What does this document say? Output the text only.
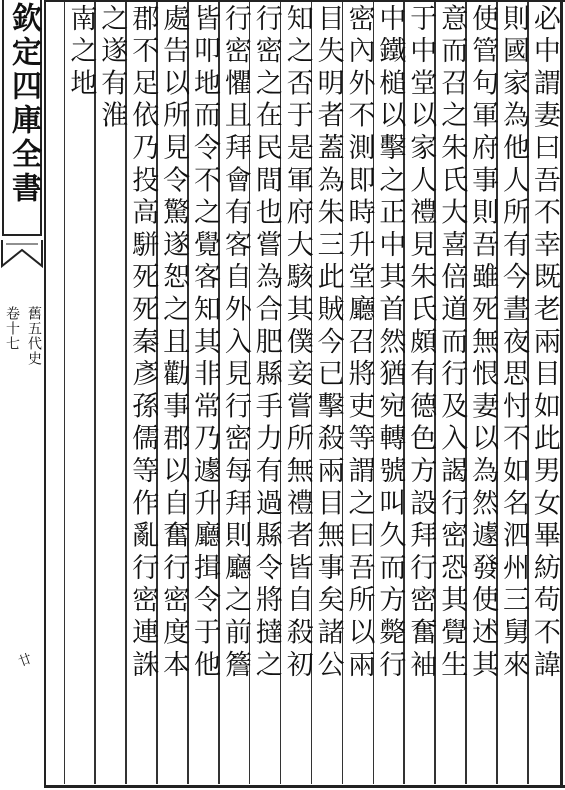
欽定四庫全書
舊五代史
卷十七
廿	必中謂妻曰吾不幸既老兩目如此男女畢紡苟不諱
則國家為他人所有今晝夜思忖不如名泗州三舅來
使管句軍府事則吾雖死無恨妻以為然遽發使述其
意而召之朱氏大喜倍道而行及入謁行密恐其覺生
于中堂以家人禮見朱氏頗有德色方設拜行密奮袖
中鐵槌以擊之正中其首然猶宛轉號叫久而方斃行
密內外不測即時升堂廳召將吏等謂之曰吾所以兩
目失明者蓋為朱三此賊今已擊殺兩目無事矣諸公
知之否于是軍府大駭其僕妾嘗所無禮者皆自殺初
行密之在民間也嘗為合肥縣手力有過縣令將撻之
行密懼且拜會有客自外入見行密每拜則廳之前簷
皆叩地而令不之覺客知其非常乃遽升廳揖令于他
處告以所見令驚遂恕之且勸事郡以自奮行密度本
郡不足依乃投高駢死死秦彥孫儒等作亂行密連誅
之遂有淮
南之地
